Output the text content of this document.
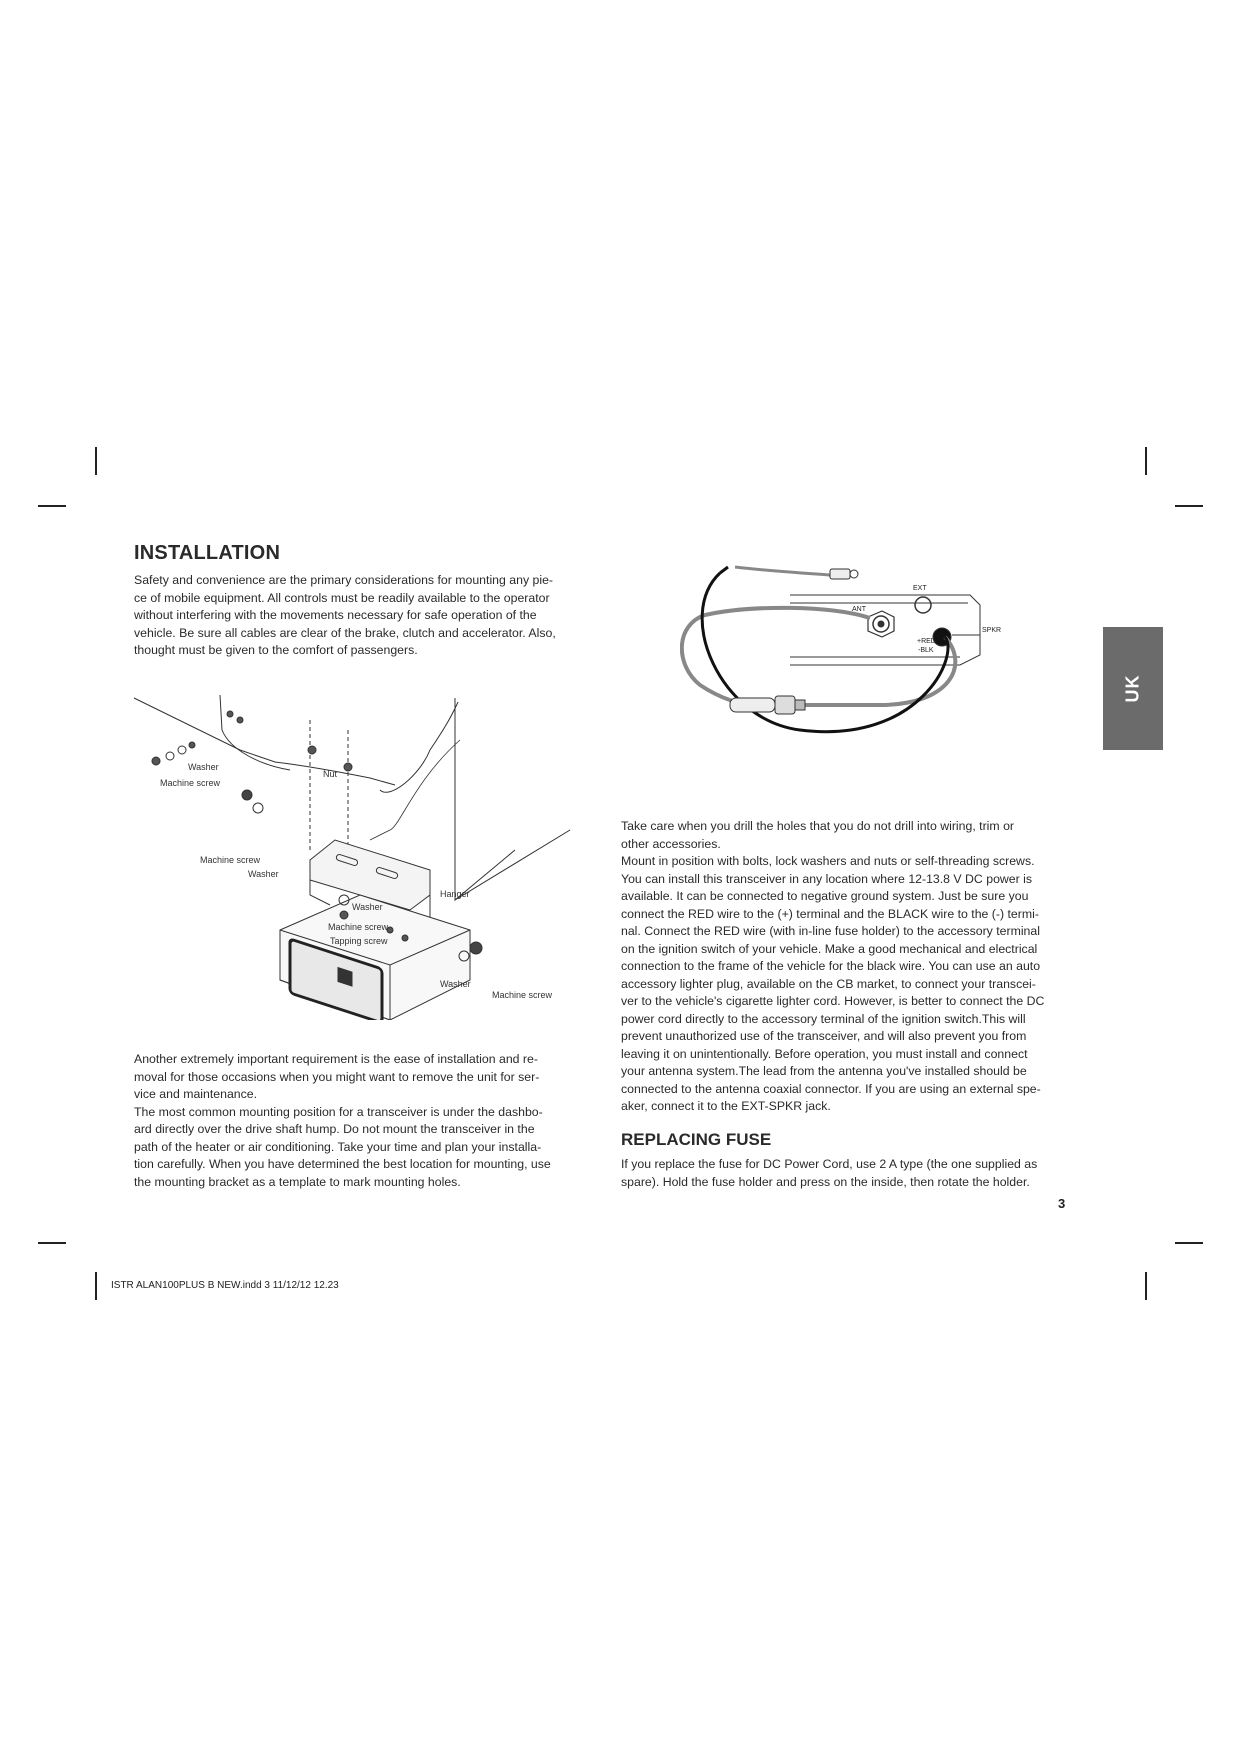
INSTALLATION

Safety and convenience are the primary considerations for mounting any pie-
ce of mobile equipment. All controls must be readily available to the operator
without interfering with the movements necessary for safe operation of the
vehicle. Be sure all cables are clear of the brake, clutch and accelerator. Also,
thought must be given to the comfort of passengers.

Washer
Machine screw
Nut
Machine screw
Washer
Hanger
Washer
Machine screw
Tapping screw
Washer
Machine screw

Another extremely important requirement is the ease of installation and re-
moval for those occasions when you might want to remove the unit for ser-
vice and maintenance.
The most common mounting position for a transceiver is under the dashbo-
ard directly over the drive shaft hump. Do not mount the transceiver in the
path of the heater or air conditioning. Take your time and plan your installa-
tion carefully. When you have determined the best location for mounting, use
the mounting bracket as a template to mark mounting holes.

EXT
ANT
SPKR
+RED
-BLK
UK

Take care when you drill the holes that you do not drill into wiring, trim or
other accessories.
Mount in position with bolts, lock washers and nuts or self-threading screws.
You can install this transceiver in any location where 12-13.8 V DC power is
available. It can be connected to negative ground system. Just be sure you
connect the RED wire to the (+) terminal and the BLACK wire to the (-) termi-
nal. Connect the RED wire (with in-line fuse holder) to the accessory terminal
on the ignition switch of your vehicle. Make a good mechanical and electrical
connection to the frame of the vehicle for the black wire. You can use an auto
accessory lighter plug, available on the CB market, to connect your transcei-
ver to the vehicle's cigarette lighter cord. However, is better to connect the DC
power cord directly to the accessory terminal of the ignition switch.This will
prevent unauthorized use of the transceiver, and will also prevent you from
leaving it on unintentionally. Before operation, you must install and connect
your antenna system.The lead from the antenna you've installed should be
connected to the antenna coaxial connector. If you are using an external spe-
aker, connect it to the EXT-SPKR jack.

REPLACING FUSE

If you replace the fuse for DC Power Cord, use 2 A type (the one supplied as
spare). Hold the fuse holder and press on the inside, then rotate the holder.

3
ISTR ALAN100PLUS B NEW.indd 3 11/12/12 12.23
